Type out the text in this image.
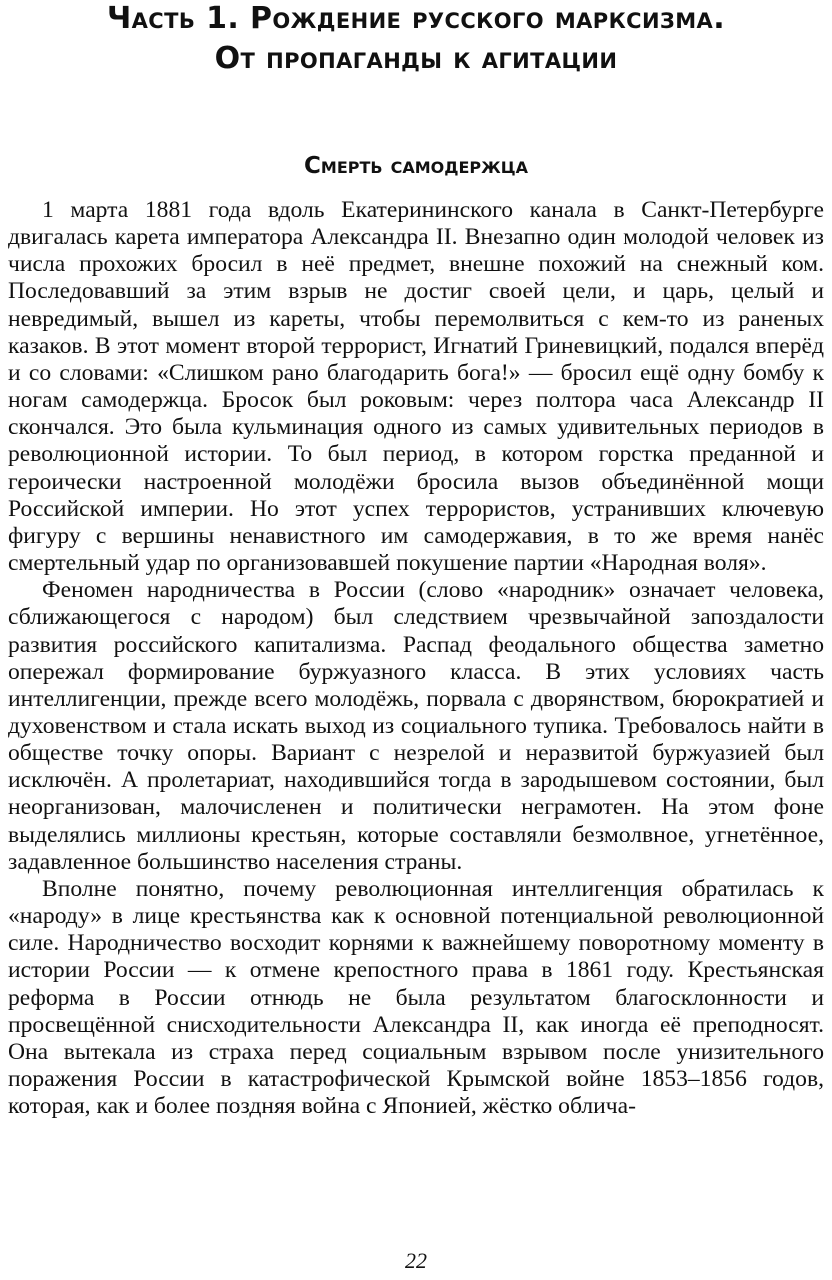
Часть 1. Рождение русского марксизма.
От пропаганды к агитации
Смерть самодержца

1 марта 1881 года вдоль Екатерининского канала в Санкт-Петербурге двигалась карета императора Александра II. Внезапно один молодой человек из числа прохожих бросил в неё предмет, внешне похожий на снежный ком. Последовавший за этим взрыв не достиг своей цели, и царь, целый и невредимый, вышел из кареты, чтобы перемолвиться с кем-то из раненых казаков. В этот момент второй террорист, Игнатий Гриневицкий, подался вперёд и со словами: «Слишком рано благодарить бога!» — бросил ещё одну бомбу к ногам самодержца. Бросок был роковым: через полтора часа Александр II скончался. Это была кульминация одного из самых удивительных периодов в революционной истории. То был период, в котором горстка преданной и героически настроенной молодёжи бросила вызов объединённой мощи Российской империи. Но этот успех террористов, устранивших ключевую фигуру с вершины ненавистного им самодержавия, в то же время нанёс смертельный удар по организовавшей покушение партии «Народная воля».

Феномен народничества в России (слово «народник» означает человека, сближающегося с народом) был следствием чрезвычайной запоздалости развития российского капитализма. Распад феодального общества заметно опережал формирование буржуазного класса. В этих условиях часть интеллигенции, прежде всего молодёжь, порвала с дворянством, бюрократией и духовенством и стала искать выход из социального тупика. Требовалось найти в обществе точку опоры. Вариант с незрелой и неразвитой буржуазией был исключён. А пролетариат, находившийся тогда в зародышевом состоянии, был неорганизован, малочисленен и политически неграмотен. На этом фоне выделялись миллионы крестьян, которые составляли безмолвное, угнетённое, задавленное большинство населения страны.

Вполне понятно, почему революционная интеллигенция обратилась к «народу» в лице крестьянства как к основной потенциальной революционной силе. Народничество восходит корнями к важнейшему поворотному моменту в истории России — к отмене крепостного права в 1861 году. Крестьянская реформа в России отнюдь не была результатом благосклонности и просвещённой снисходительности Александра II, как иногда её преподносят. Она вытекала из страха перед социальным взрывом после унизительного поражения России в катастрофической Крымской войне 1853–1856 годов, которая, как и более поздняя война с Японией, жёстко облича-

22
